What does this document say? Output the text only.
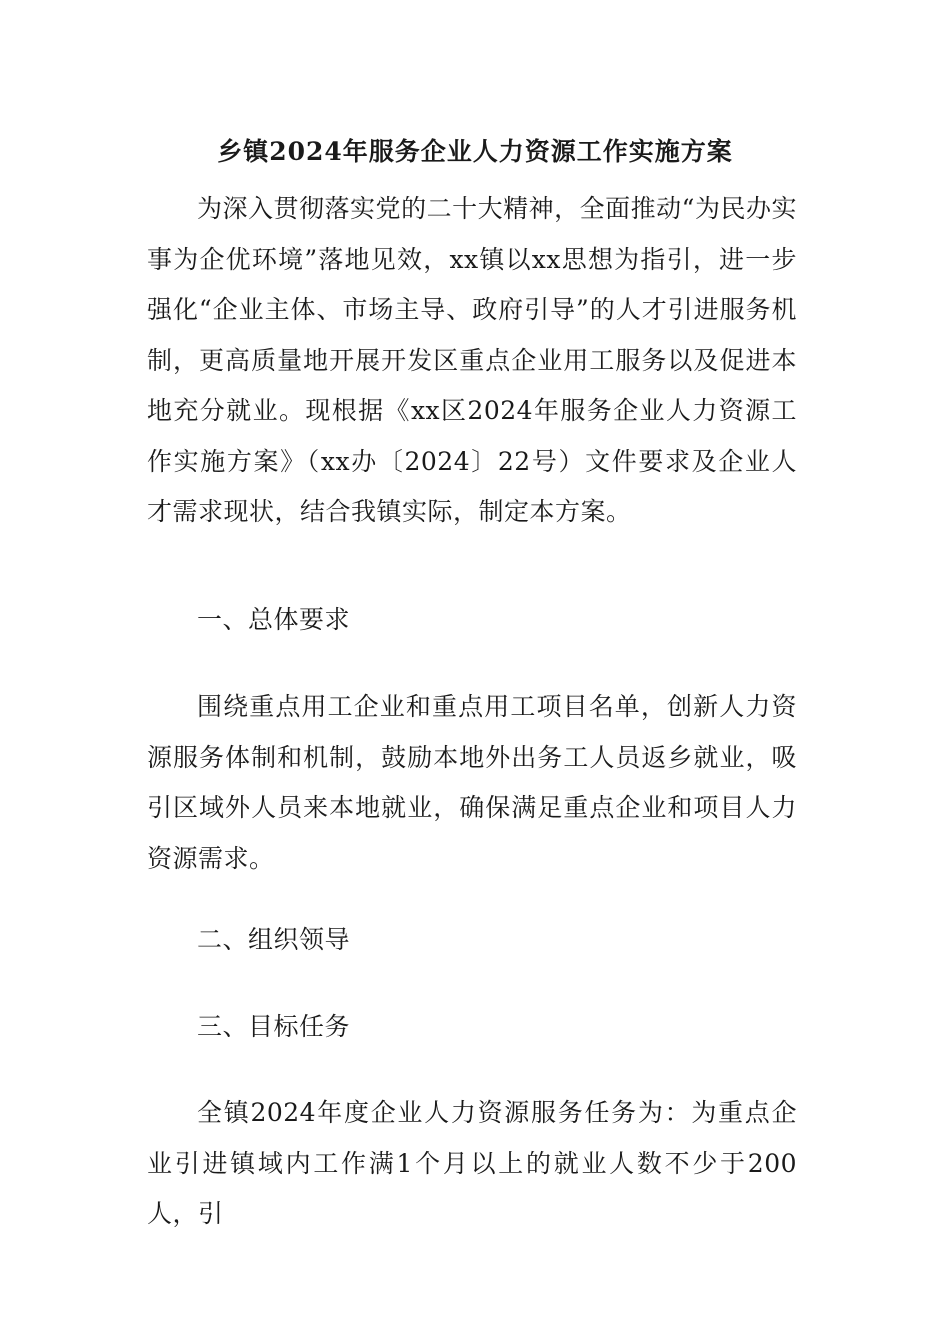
乡镇2024年服务企业人力资源工作实施方案

为深入贯彻落实党的二十大精神，全面推动“为民办实事为企优环境”落地见效，xx镇以xx思想为指引，进一步强化“企业主体、市场主导、政府引导”的人才引进服务机制，更高质量地开展开发区重点企业用工服务以及促进本地充分就业。现根据《xx区2024年服务企业人力资源工作实施方案》（xx办〔2024〕22号）文件要求及企业人才需求现状，结合我镇实际，制定本方案。

一、总体要求

围绕重点用工企业和重点用工项目名单，创新人力资源服务体制和机制，鼓励本地外出务工人员返乡就业，吸引区域外人员来本地就业，确保满足重点企业和项目人力资源需求。

二、组织领导

三、目标任务

全镇2024年度企业人力资源服务任务为：为重点企业引进镇域内工作满1个月以上的就业人数不少于200人，引
